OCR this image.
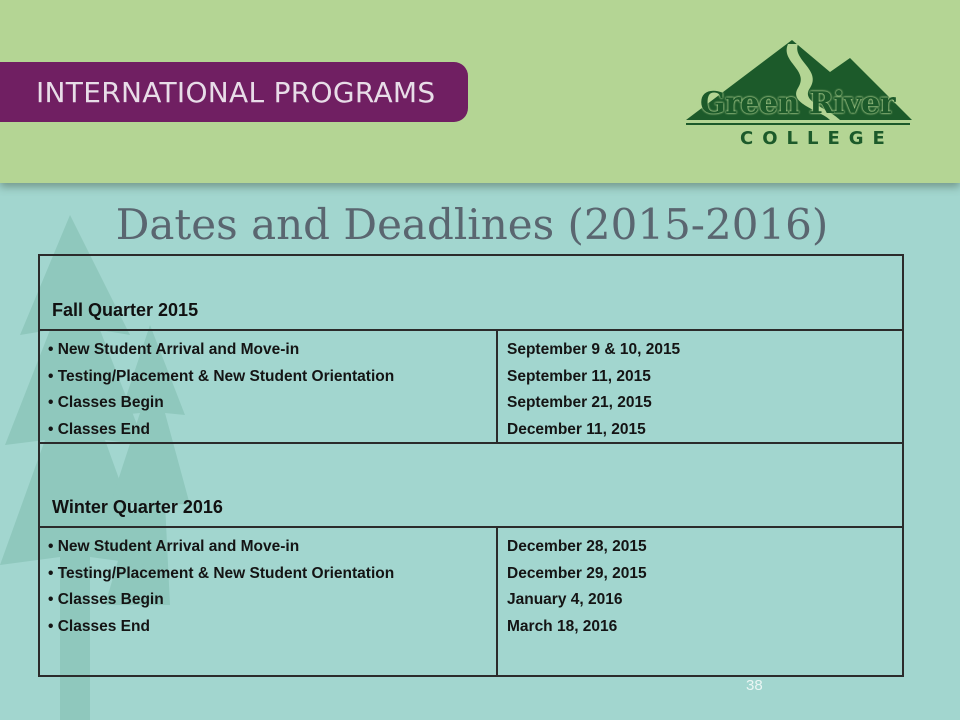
INTERNATIONAL PROGRAMS	Green River
COLLEGE
Dates and Deadlines (2015-2016)
Fall Quarter 2015
• New Student Arrival and Move-in
• Testing/Placement & New Student Orientation
• Classes Begin
• Classes End
September 9 & 10, 2015
September 11, 2015
September 21, 2015
December 11, 2015
Winter Quarter 2016
• New Student Arrival and Move-in
• Testing/Placement & New Student Orientation
• Classes Begin
• Classes End
December 28, 2015
December 29, 2015
January 4, 2016
March 18, 2016
38
